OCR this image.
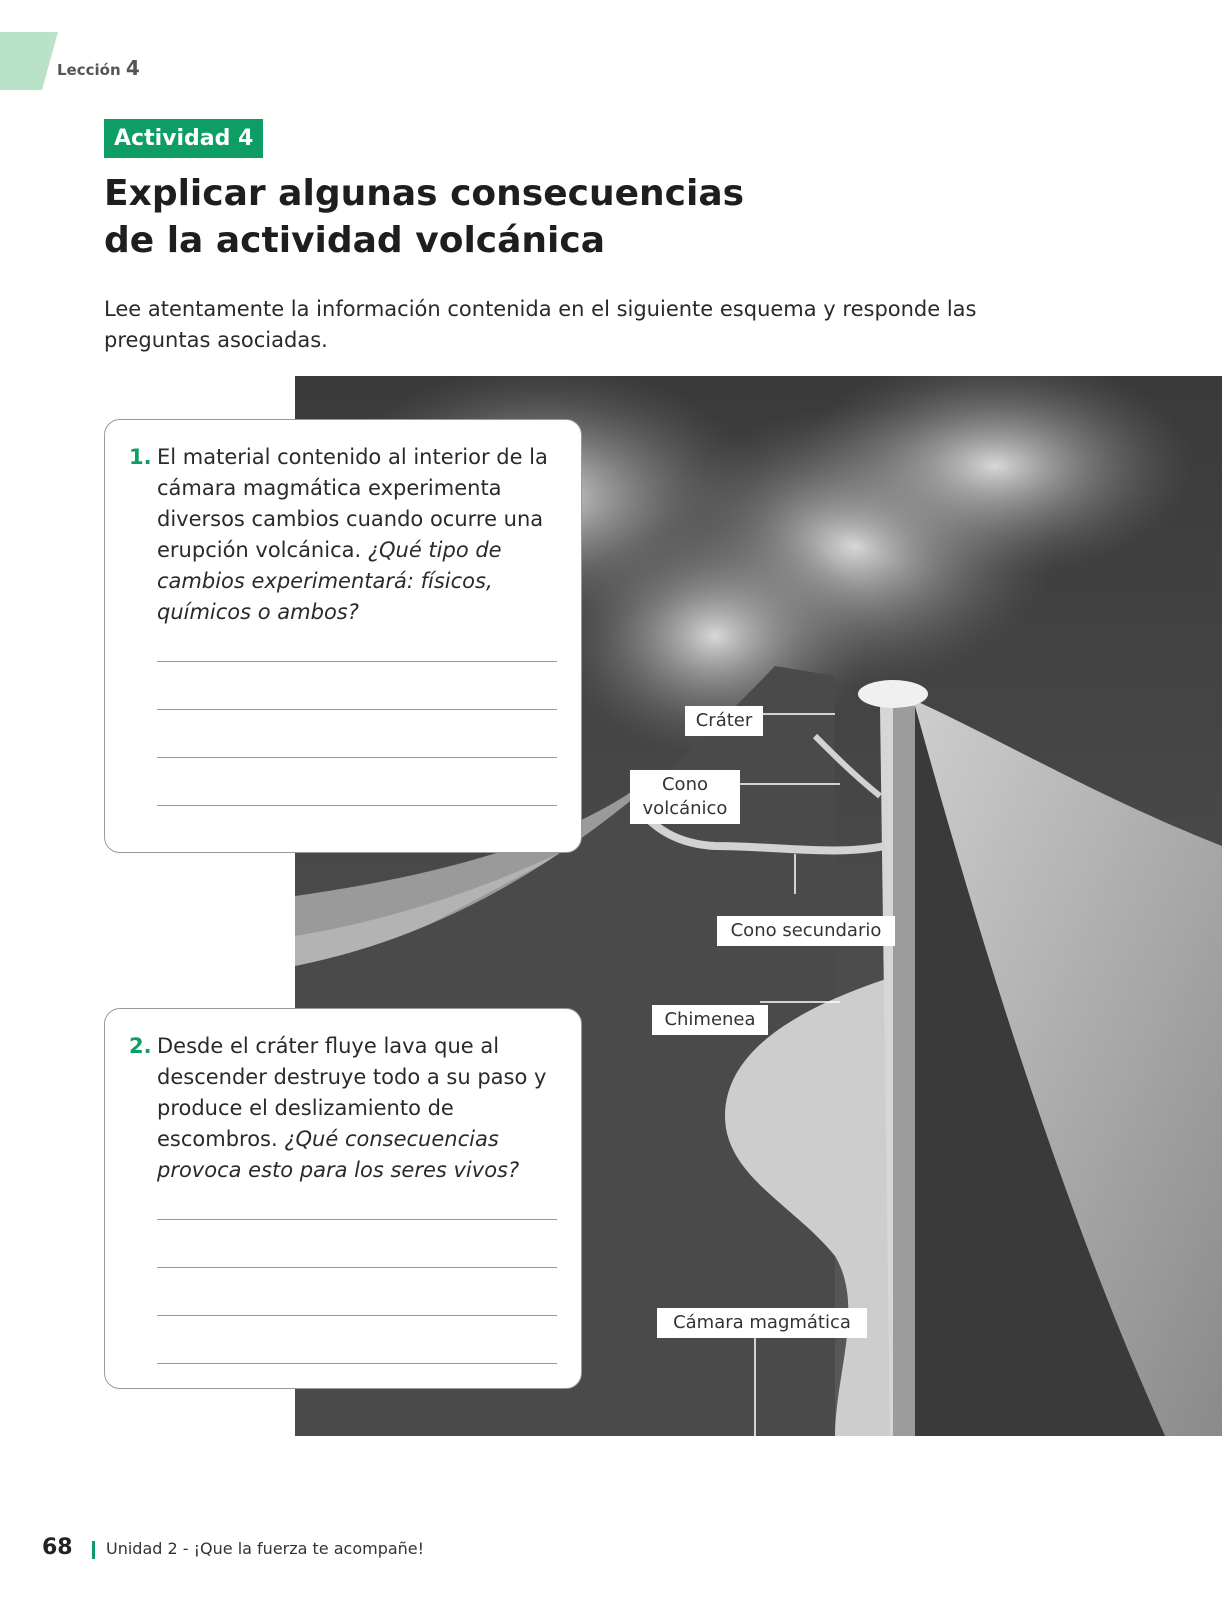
Lección 4
Actividad 4
Explicar algunas consecuencias
de la actividad volcánica

Lee atentamente la información contenida en el siguiente esquema y responde las preguntas asociadas.

Cráter
Cono volcánico
Cono secundario
Chimenea
Cámara magmática

1. El material contenido al interior de la cámara magmática experimenta diversos cambios cuando ocurre una erupción volcánica. ¿Qué tipo de cambios experimentará: físicos, químicos o ambos?

2. Desde el cráter fluye lava que al descender destruye todo a su paso y produce el deslizamiento de escombros. ¿Qué consecuencias provoca esto para los seres vivos?

68 Unidad 2 - ¡Que la fuerza te acompañe!
